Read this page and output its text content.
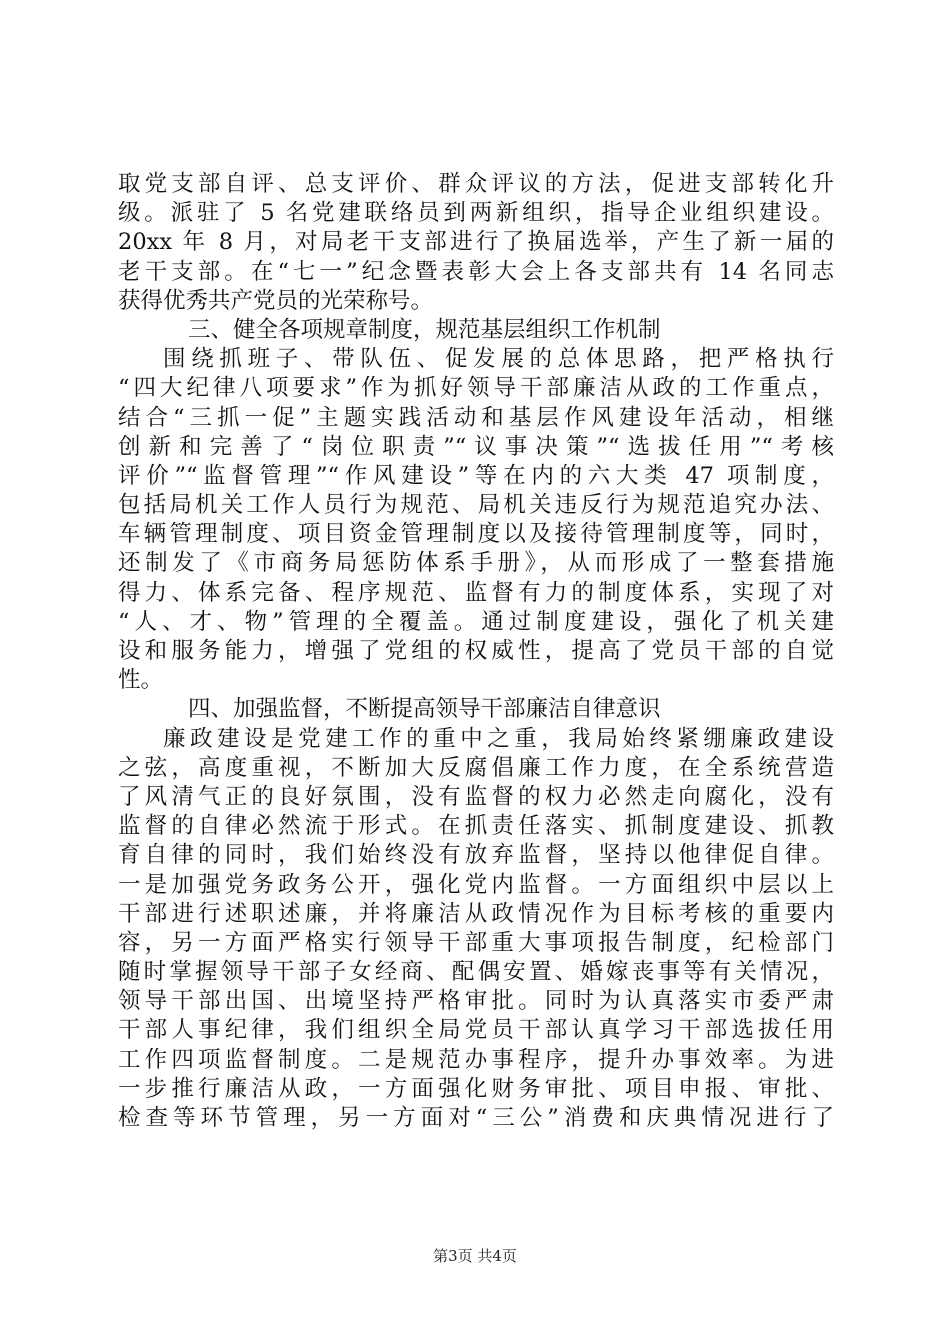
取党支部自评、总支评价、群众评议的方法，促进支部转化升
级。派驻了 5 名党建联络员到两新组织，指导企业组织建设。
20xx 年 8 月，对局老干支部进行了换届选举，产生了新一届的
老干支部。在“七一”纪念暨表彰大会上各支部共有 14 名同志
获得优秀共产党员的光荣称号。
三、健全各项规章制度，规范基层组织工作机制
围绕抓班子、带队伍、促发展的总体思路，把严格执行
“四大纪律八项要求”作为抓好领导干部廉洁从政的工作重点，
结合“三抓一促”主题实践活动和基层作风建设年活动，相继
创新和完善了“岗位职责”“议事决策”“选拔任用”“考核
评价”“监督管理”“作风建设”等在内的六大类 47 项制度，
包括局机关工作人员行为规范、局机关违反行为规范追究办法、
车辆管理制度、项目资金管理制度以及接待管理制度等，同时，
还制发了《市商务局惩防体系手册》，从而形成了一整套措施
得力、体系完备、程序规范、监督有力的制度体系，实现了对
“人、才、物”管理的全覆盖。通过制度建设，强化了机关建
设和服务能力，增强了党组的权威性，提高了党员干部的自觉
性。
四、加强监督，不断提高领导干部廉洁自律意识
廉政建设是党建工作的重中之重，我局始终紧绷廉政建设
之弦，高度重视，不断加大反腐倡廉工作力度，在全系统营造
了风清气正的良好氛围，没有监督的权力必然走向腐化，没有
监督的自律必然流于形式。在抓责任落实、抓制度建设、抓教
育自律的同时，我们始终没有放弃监督，坚持以他律促自律。
一是加强党务政务公开，强化党内监督。一方面组织中层以上
干部进行述职述廉，并将廉洁从政情况作为目标考核的重要内
容，另一方面严格实行领导干部重大事项报告制度，纪检部门
随时掌握领导干部子女经商、配偶安置、婚嫁丧事等有关情况，
领导干部出国、出境坚持严格审批。同时为认真落实市委严肃
干部人事纪律，我们组织全局党员干部认真学习干部选拔任用
工作四项监督制度。二是规范办事程序，提升办事效率。为进
一步推行廉洁从政，一方面强化财务审批、项目申报、审批、
检查等环节管理，另一方面对“三公”消费和庆典情况进行了
第3页 共4页
